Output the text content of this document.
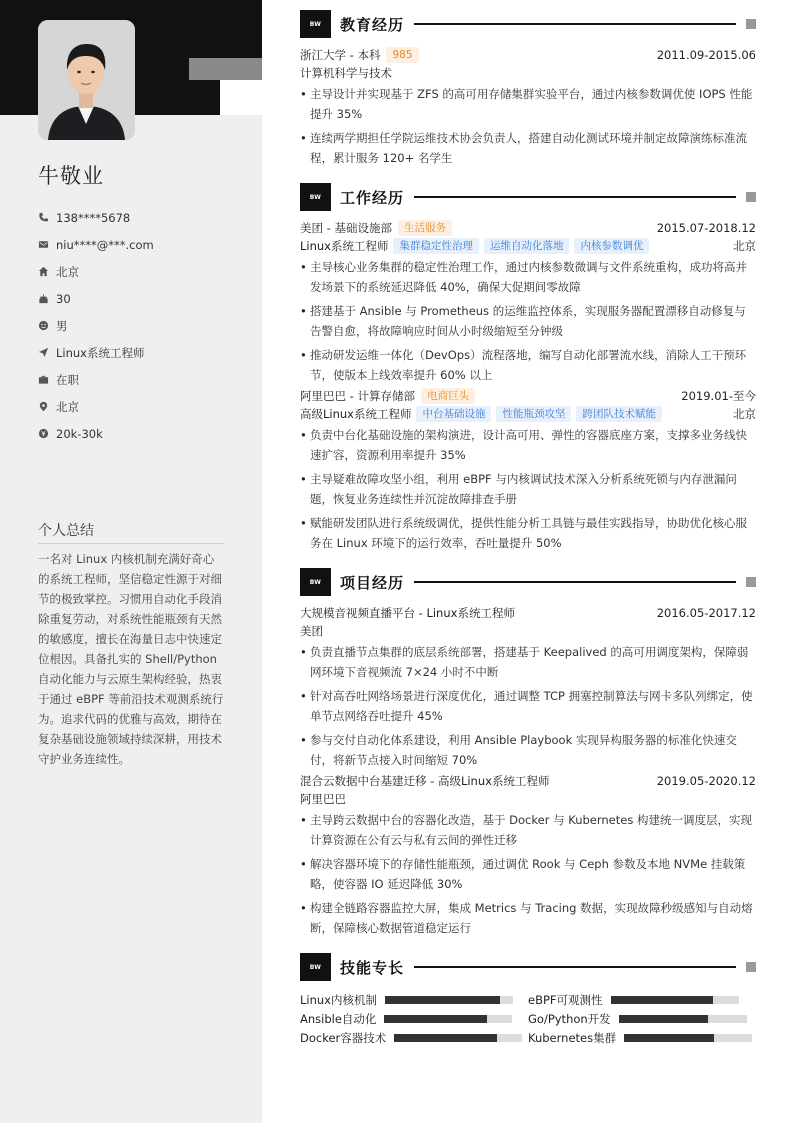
牛敬业
138****5678
niu****@***.com
北京
30
男
Linux系统工程师
在职
北京
20k-30k
个人总结
一名对 Linux 内核机制充满好奇心的系统工程师，坚信稳定性源于对细节的极致掌控。习惯用自动化手段消除重复劳动，对系统性能瓶颈有天然的敏感度，擅长在海量日志中快速定位根因。具备扎实的 Shell/Python 自动化能力与云原生架构经验，热衷于通过 eBPF 等前沿技术观测系统行为。追求代码的优雅与高效，期待在复杂基础设施领域持续深耕，用技术守护业务连续性。
BW	教育经历
浙江大学 - 本科	985	2011.09-2015.06
计算机科学与技术
• 主导设计并实现基于 ZFS 的高可用存储集群实验平台，通过内核参数调优使 IOPS 性能提升 35%
• 连续两学期担任学院运维技术协会负责人，搭建自动化测试环境并制定故障演练标准流程，累计服务 120+ 名学生
BW	工作经历
美团 - 基础设施部	生活服务	2015.07-2018.12
Linux系统工程师	集群稳定性治理	运维自动化落地	内核参数调优	北京
• 主导核心业务集群的稳定性治理工作，通过内核参数微调与文件系统重构，成功将高并发场景下的系统延迟降低 40%，确保大促期间零故障
• 搭建基于 Ansible 与 Prometheus 的运维监控体系，实现服务器配置漂移自动修复与告警自愈，将故障响应时间从小时级缩短至分钟级
• 推动研发运维一体化（DevOps）流程落地，编写自动化部署流水线，消除人工干预环节，使版本上线效率提升 60% 以上
阿里巴巴 - 计算存储部	电商巨头	2019.01-至今
高级Linux系统工程师	中台基础设施	性能瓶颈攻坚	跨团队技术赋能	北京
• 负责中台化基础设施的架构演进，设计高可用、弹性的容器底座方案，支撑多业务线快速扩容，资源利用率提升 35%
• 主导疑难故障攻坚小组，利用 eBPF 与内核调试技术深入分析系统死锁与内存泄漏问题，恢复业务连续性并沉淀故障排查手册
• 赋能研发团队进行系统级调优，提供性能分析工具链与最佳实践指导，协助优化核心服务在 Linux 环境下的运行效率，吞吐量提升 50%
BW	项目经历
大规模音视频直播平台 - Linux系统工程师	2016.05-2017.12
美团
• 负责直播节点集群的底层系统部署，搭建基于 Keepalived 的高可用调度架构，保障弱网环境下音视频流 7×24 小时不中断
• 针对高吞吐网络场景进行深度优化，通过调整 TCP 拥塞控制算法与网卡多队列绑定，使单节点网络吞吐提升 45%
• 参与交付自动化体系建设，利用 Ansible Playbook 实现异构服务器的标准化快速交付，将新节点接入时间缩短 70%
混合云数据中台基建迁移 - 高级Linux系统工程师	2019.05-2020.12
阿里巴巴
• 主导跨云数据中台的容器化改造，基于 Docker 与 Kubernetes 构建统一调度层，实现计算资源在公有云与私有云间的弹性迁移
• 解决容器环境下的存储性能瓶颈，通过调优 Rook 与 Ceph 参数及本地 NVMe 挂载策略，使容器 IO 延迟降低 30%
• 构建全链路容器监控大屏，集成 Metrics 与 Tracing 数据，实现故障秒级感知与自动熔断，保障核心数据管道稳定运行
BW	技能专长
Linux内核机制	eBPF可观测性
Ansible自动化	Go/Python开发
Docker容器技术	Kubernetes集群
